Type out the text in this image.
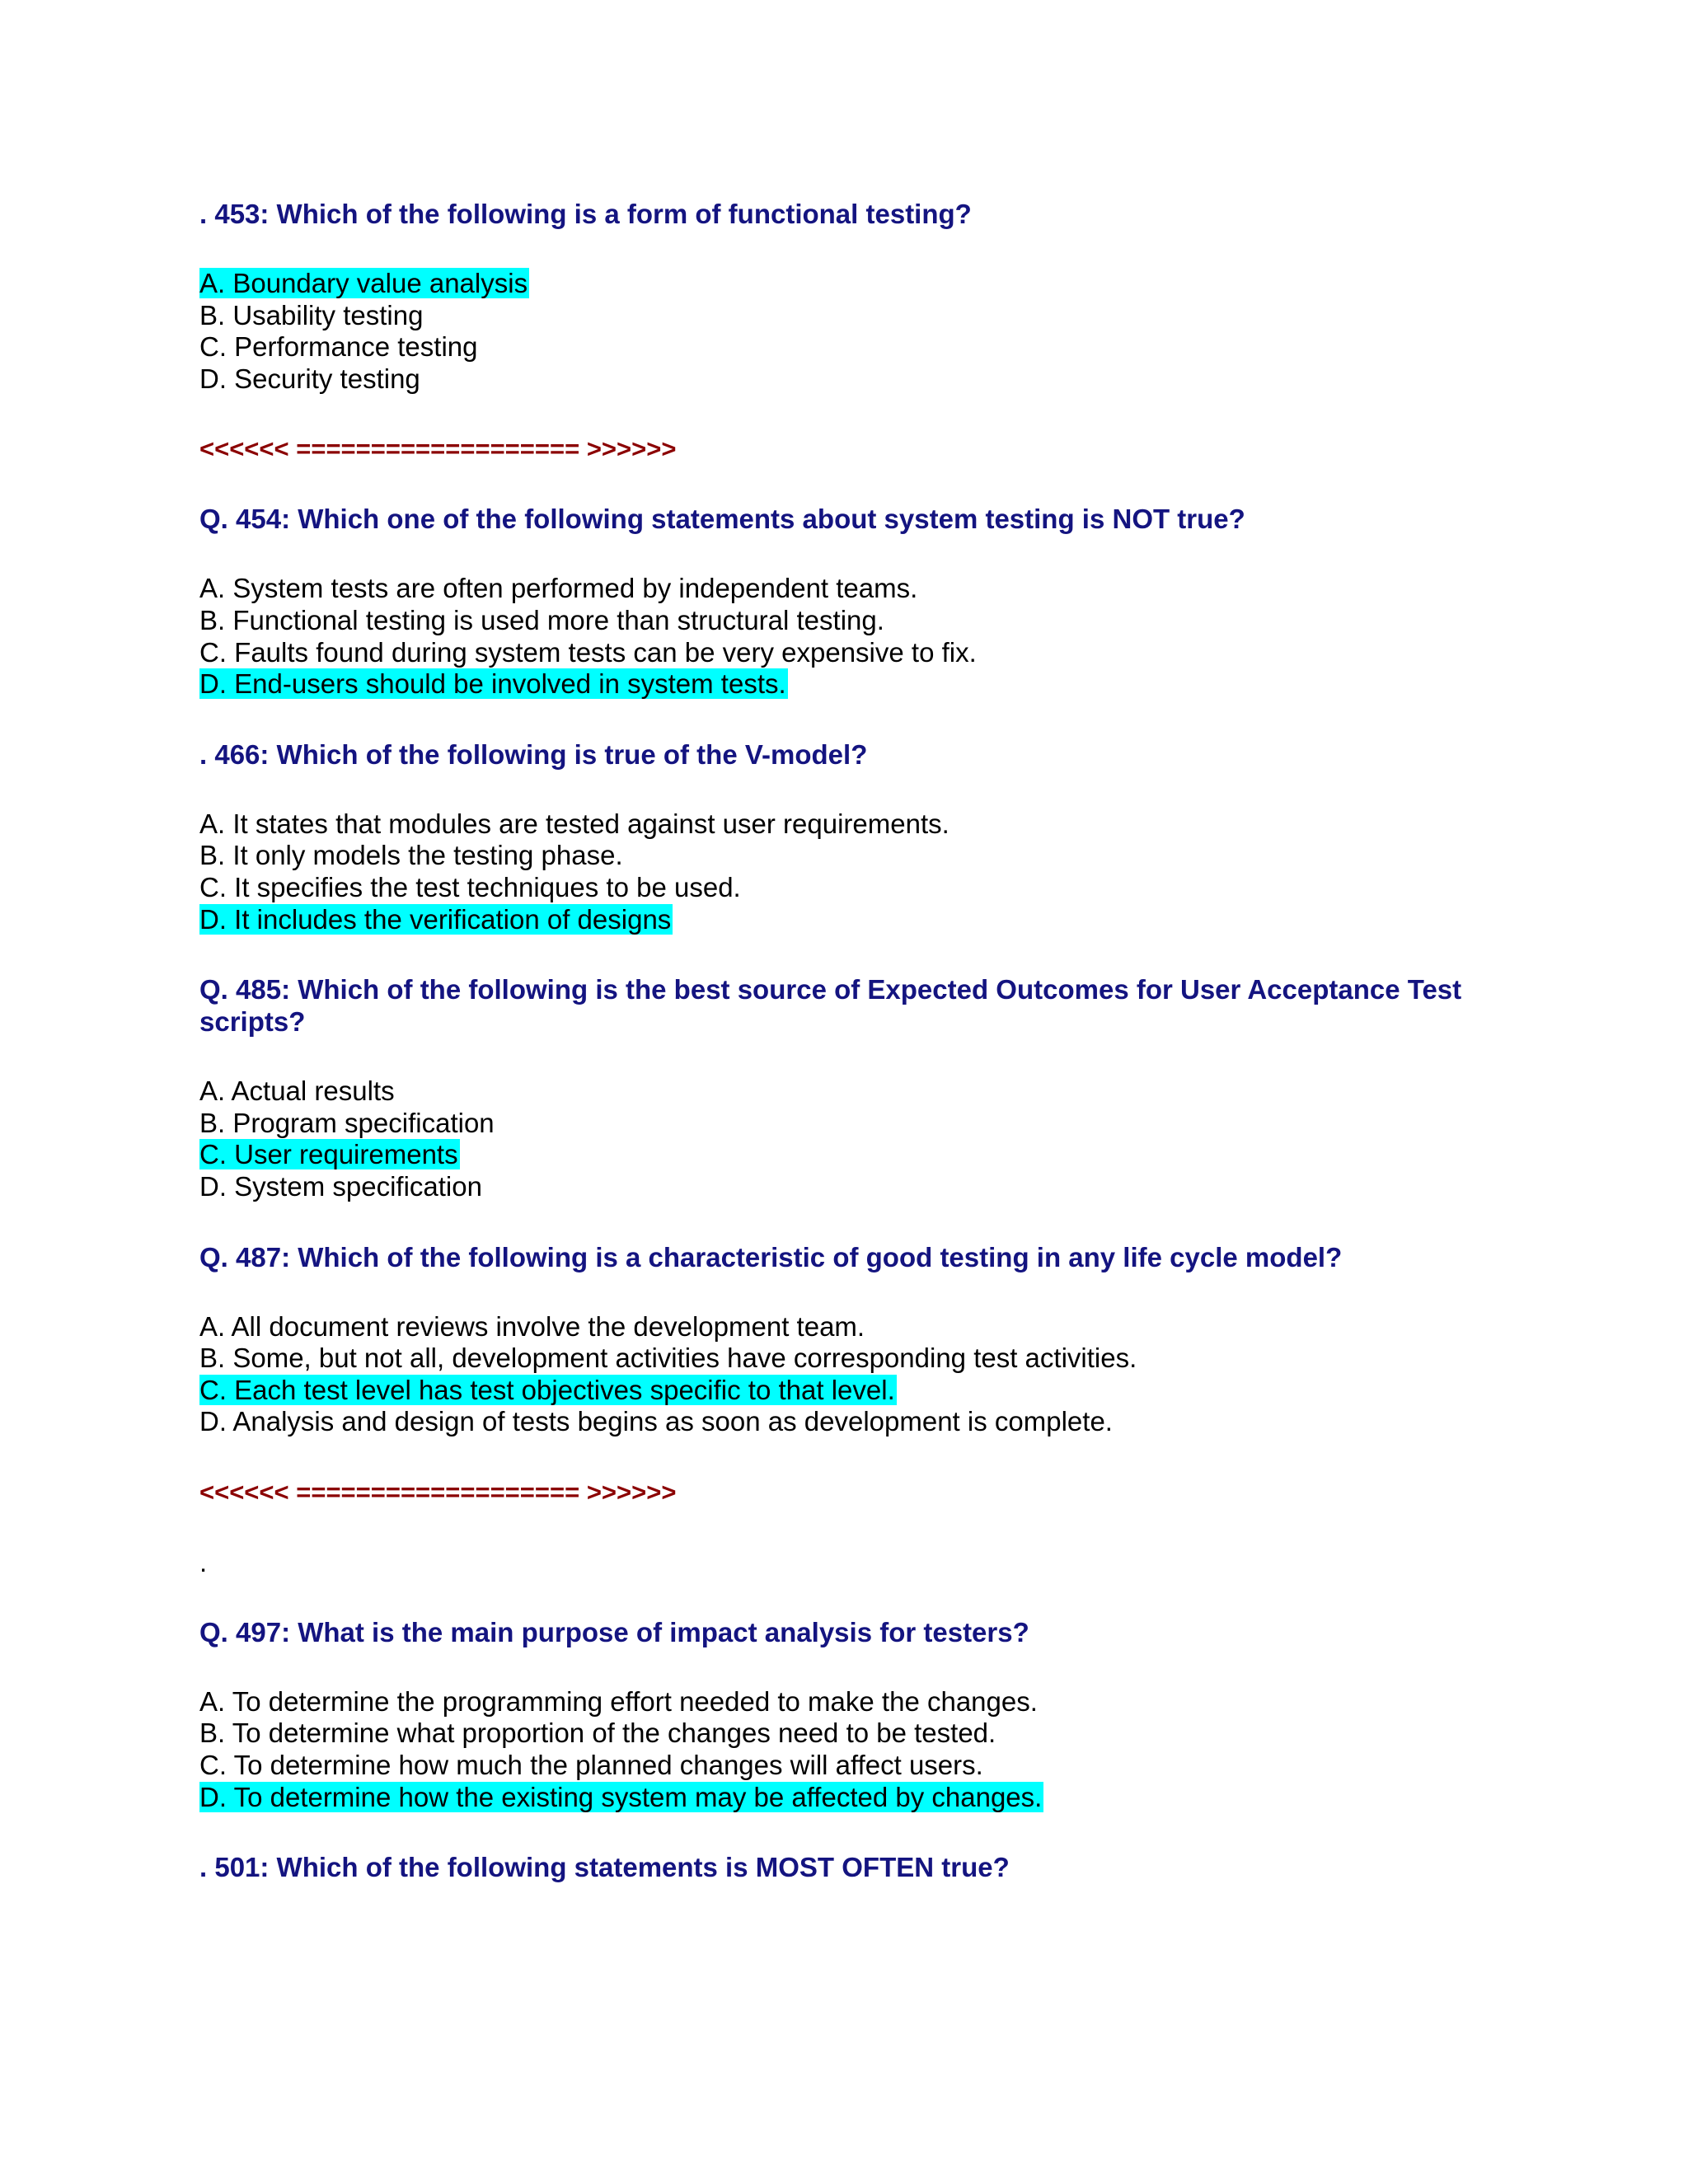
. 453: Which of the following is a form of functional testing?

A. Boundary value analysis
B. Usability testing
C. Performance testing
D. Security testing
<<<<<< =================== >>>>>>

Q. 454: Which one of the following statements about system testing is NOT true?

A. System tests are often performed by independent teams.
B. Functional testing is used more than structural testing.
C. Faults found during system tests can be very expensive to fix.
D. End-users should be involved in system tests.

. 466: Which of the following is true of the V-model?

A. It states that modules are tested against user requirements.
B. It only models the testing phase.
C. It specifies the test techniques to be used.
D. It includes the verification of designs

Q. 485: Which of the following is the best source of Expected Outcomes for User Acceptance Test scripts?

A. Actual results
B. Program specification
C. User requirements
D. System specification

Q. 487: Which of the following is a characteristic of good testing in any life cycle model?

A. All document reviews involve the development team.
B. Some, but not all, development activities have corresponding test activities.
C. Each test level has test objectives specific to that level.
D. Analysis and design of tests begins as soon as development is complete.
<<<<<< =================== >>>>>>
.

Q. 497: What is the main purpose of impact analysis for testers?

A. To determine the programming effort needed to make the changes.
B. To determine what proportion of the changes need to be tested.
C. To determine how much the planned changes will affect users.
D. To determine how the existing system may be affected by changes.

. 501: Which of the following statements is MOST OFTEN true?
